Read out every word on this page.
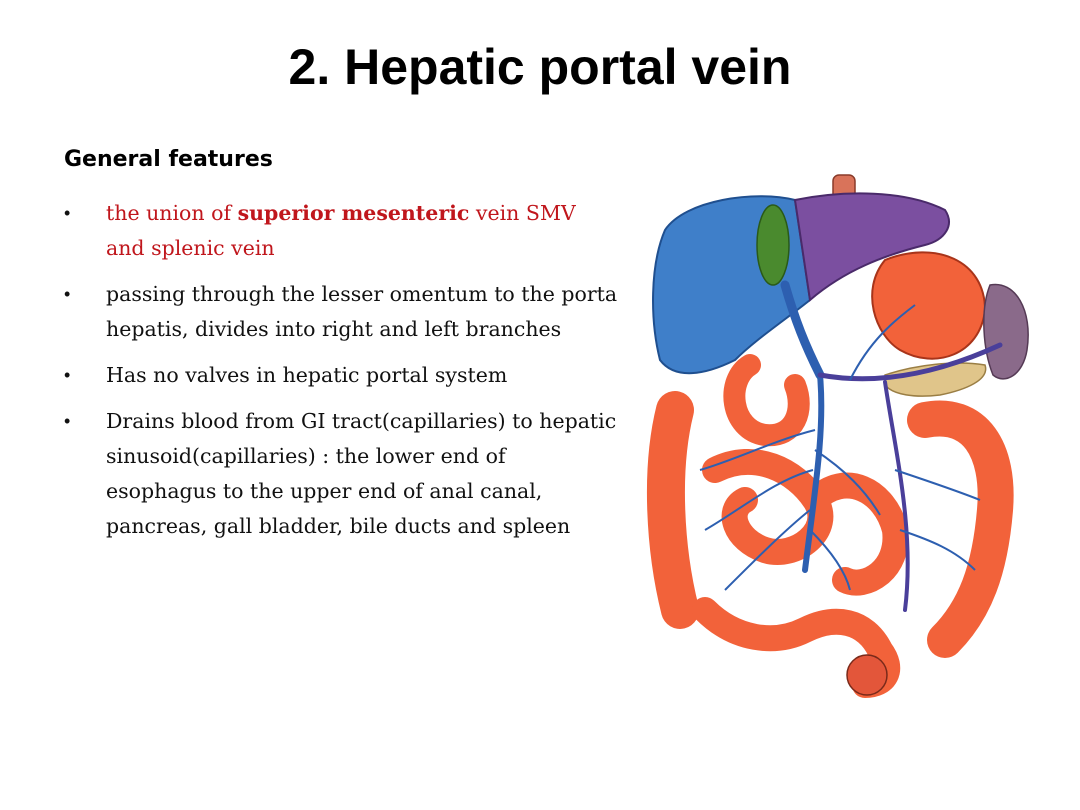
2. Hepatic portal vein
General features
• the union of superior mesenteric vein SMV and splenic vein
• passing through the lesser omentum to the porta hepatis, divides into right and left branches
• Has no valves in hepatic portal system
• Drains blood from GI tract(capillaries) to hepatic sinusoid(capillaries) : the lower end of esophagus to the upper end of anal canal, pancreas, gall bladder, bile ducts and spleen
